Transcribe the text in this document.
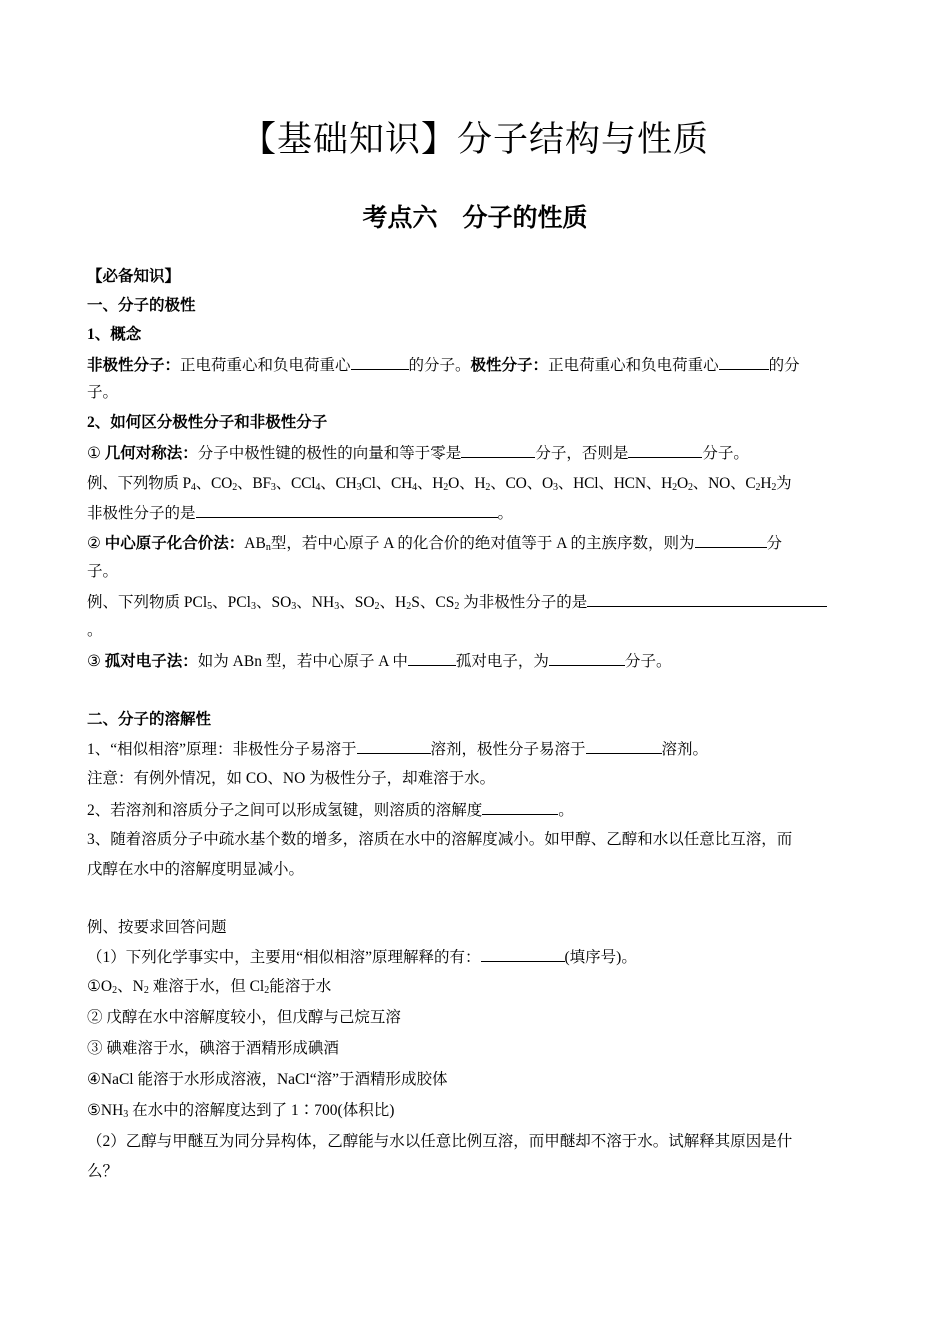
【基础知识】分子结构与性质
考点六　分子的性质
【必备知识】
一、分子的极性
1、概念
非极性分子：正电荷重心和负电荷重心	的分子。极性分子：正电荷重心和负电荷重心	的分
子。
2、如何区分极性分子和非极性分子
① 几何对称法：分子中极性键的极性的向量和等于零是	分子，否则是	分子。
例、下列物质 $P_4$、$CO_2$、$BF_3$、CCl$_4$、$CH_3Cl$、$CH_4$、$H_2O$、$H_2$、CO、$O_3$、HCl、HCN、$H_2O_2$、NO、$C_2H_2$为
非极性分子的是	。
② 中心原子化合价法：$AB_n$型，若中心原子 A 的化合价的绝对值等于 A 的主族序数，则为	分
子。
例、下列物质 PCl$_5$、PCl$_3$、$SO_3$、$NH_3$、$SO_2$、$H_2S$、$CS_2$ 为非极性分子的是
。
③ 孤对电子法：如为 ABn 型，若中心原子 A 中	孤对电子，为	分子。
二、分子的溶解性
1、“相似相溶”原理：非极性分子易溶于	溶剂，极性分子易溶于	溶剂。
注意：有例外情况，如 CO、NO 为极性分子，却难溶于水。
2、若溶剂和溶质分子之间可以形成氢键，则溶质的溶解度	。
3、随着溶质分子中疏水基个数的增多，溶质在水中的溶解度减小。如甲醇、乙醇和水以任意比互溶，而
戊醇在水中的溶解度明显减小。
例、按要求回答问题
（1）下列化学事实中，主要用“相似相溶”原理解释的有：	(填序号)。
$①O_2$、$N_2$ 难溶于水，但 $Cl_2$能溶于水
② 戊醇在水中溶解度较小，但戊醇与己烷互溶
③ 碘难溶于水，碘溶于酒精形成碘酒
④NaCl 能溶于水形成溶液，NaCl“溶”于酒精形成胶体
$⑤NH_3$ 在水中的溶解度达到了 1∶700(体积比)
（2）乙醇与甲醚互为同分异构体，乙醇能与水以任意比例互溶，而甲醚却不溶于水。试解释其原因是什
么？
